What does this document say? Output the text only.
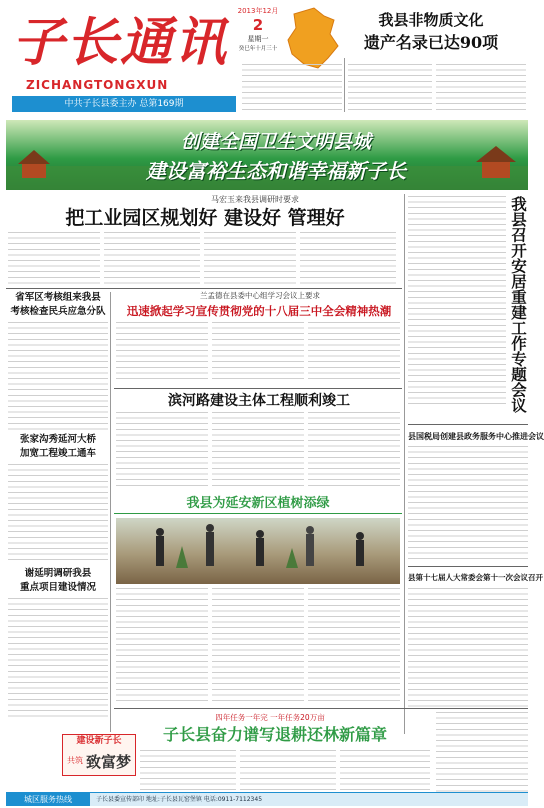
子长通讯
ZICHANGTONGXUN
中共子长县委主办 总第169期
2013年12月
2
星期一
癸巳年十月三十
我县非物质文化
遗产名录已达90项
创建全国卫生文明县城
建设富裕生态和谐幸福新子长
马宏玉来我县调研时要求
把工业园区规划好 建设好 管理好
省军区考核组来我县
考核检查民兵应急分队
张家沟秀延河大桥
加宽工程竣工通车
谢延明调研我县
重点项目建设情况
建设新子长
共筑 致富梦
兰孟德在县委中心组学习会议上要求
迅速掀起学习宣传贯彻党的十八届三中全会精神热潮
滨河路建设主体工程顺利竣工
我县为延安新区植树添绿
我县召开安居重建工作专题会议
县国税局创建县政务服务中心推进会议
县第十七届人大常委会第十一次会议召开
四年任务一年完 一年任务20万亩
子长县奋力谱写退耕还林新篇章
城区服务热线	子长县委宣传部印 地址:子长县瓦窑堡镇 电话:0911-7112345
